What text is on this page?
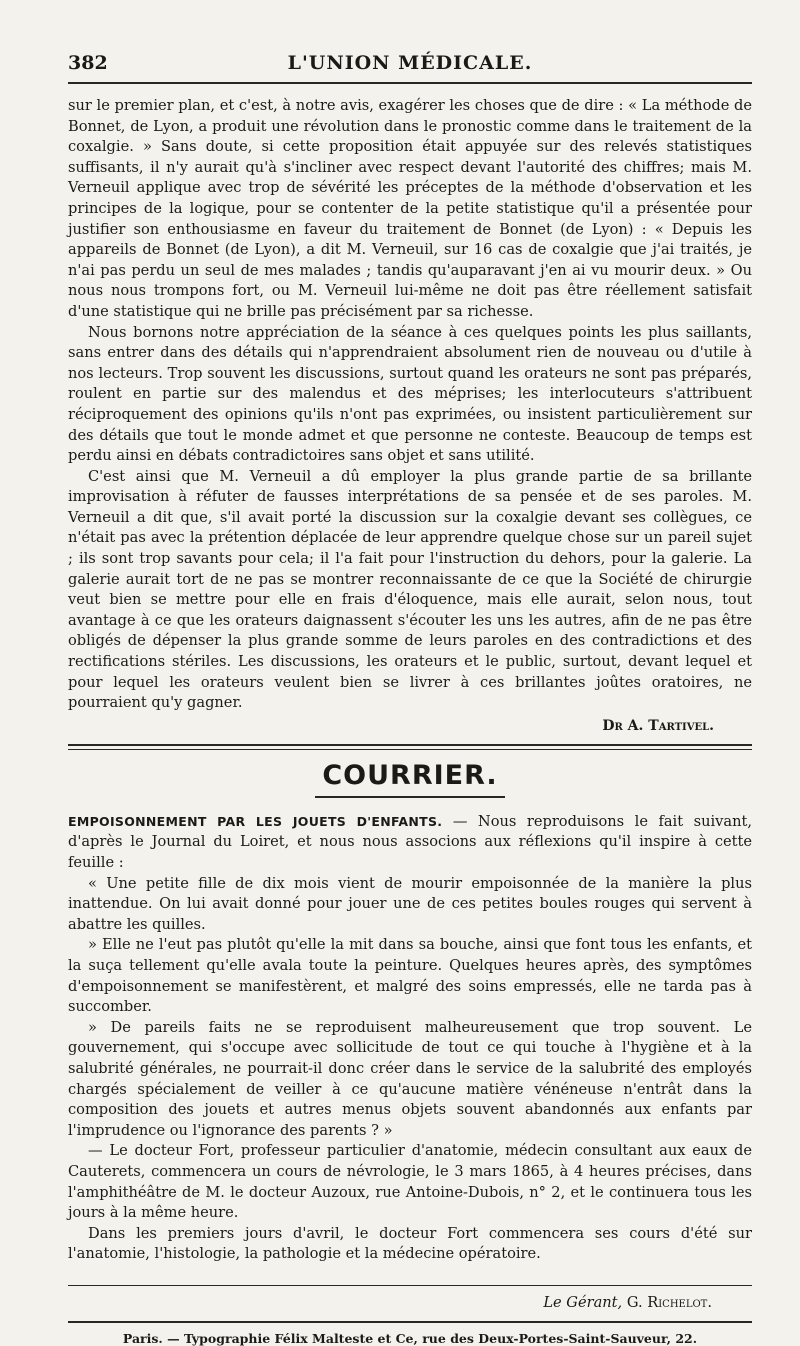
382	L'UNION MÉDICALE.

sur le premier plan, et c'est, à notre avis, exagérer les choses que de dire : « La méthode de Bonnet, de Lyon, a produit une révolution dans le pronostic comme dans le traitement de la coxalgie. » Sans doute, si cette proposition était appuyée sur des relevés statistiques suffisants, il n'y aurait qu'à s'incliner avec respect devant l'autorité des chiffres; mais M. Verneuil applique avec trop de sévérité les préceptes de la méthode d'observation et les principes de la logique, pour se contenter de la petite statistique qu'il a présentée pour justifier son enthousiasme en faveur du traitement de Bonnet (de Lyon) : « Depuis les appareils de Bonnet (de Lyon), a dit M. Verneuil, sur 16 cas de coxalgie que j'ai traités, je n'ai pas perdu un seul de mes malades ; tandis qu'auparavant j'en ai vu mourir deux. » Ou nous nous trompons fort, ou M. Verneuil lui-même ne doit pas être réellement satisfait d'une statistique qui ne brille pas précisément par sa richesse.

Nous bornons notre appréciation de la séance à ces quelques points les plus saillants, sans entrer dans des détails qui n'apprendraient absolument rien de nouveau ou d'utile à nos lecteurs. Trop souvent les discussions, surtout quand les orateurs ne sont pas préparés, roulent en partie sur des malendus et des méprises; les interlocuteurs s'attribuent réciproquement des opinions qu'ils n'ont pas exprimées, ou insistent particulièrement sur des détails que tout le monde admet et que personne ne conteste. Beaucoup de temps est perdu ainsi en débats contradictoires sans objet et sans utilité.

C'est ainsi que M. Verneuil a dû employer la plus grande partie de sa brillante improvisation à réfuter de fausses interprétations de sa pensée et de ses paroles. M. Verneuil a dit que, s'il avait porté la discussion sur la coxalgie devant ses collègues, ce n'était pas avec la prétention déplacée de leur apprendre quelque chose sur un pareil sujet ; ils sont trop savants pour cela; il l'a fait pour l'instruction du dehors, pour la galerie. La galerie aurait tort de ne pas se montrer reconnaissante de ce que la Société de chirurgie veut bien se mettre pour elle en frais d'éloquence, mais elle aurait, selon nous, tout avantage à ce que les orateurs daignassent s'écouter les uns les autres, afin de ne pas être obligés de dépenser la plus grande somme de leurs paroles en des contradictions et des rectifications stériles. Les discussions, les orateurs et le public, surtout, devant lequel et pour lequel les orateurs veulent bien se livrer à ces brillantes joûtes oratoires, ne pourraient qu'y gagner.

Dr A. Tartivel.
COURRIER.

EMPOISONNEMENT PAR LES JOUETS D'ENFANTS. — Nous reproduisons le fait suivant, d'après le Journal du Loiret, et nous nous associons aux réflexions qu'il inspire à cette feuille :

« Une petite fille de dix mois vient de mourir empoisonnée de la manière la plus inattendue. On lui avait donné pour jouer une de ces petites boules rouges qui servent à abattre les quilles.

» Elle ne l'eut pas plutôt qu'elle la mit dans sa bouche, ainsi que font tous les enfants, et la suça tellement qu'elle avala toute la peinture. Quelques heures après, des symptômes d'empoisonnement se manifestèrent, et malgré des soins empressés, elle ne tarda pas à succomber.

» De pareils faits ne se reproduisent malheureusement que trop souvent. Le gouvernement, qui s'occupe avec sollicitude de tout ce qui touche à l'hygiène et à la salubrité générales, ne pourrait-il donc créer dans le service de la salubrité des employés chargés spécialement de veiller à ce qu'aucune matière vénéneuse n'entrât dans la composition des jouets et autres menus objets souvent abandonnés aux enfants par l'imprudence ou l'ignorance des parents ? »

— Le docteur Fort, professeur particulier d'anatomie, médecin consultant aux eaux de Cauterets, commencera un cours de névrologie, le 3 mars 1865, à 4 heures précises, dans l'amphithéâtre de M. le docteur Auzoux, rue Antoine-Dubois, n° 2, et le continuera tous les jours à la même heure.

Dans les premiers jours d'avril, le docteur Fort commencera ses cours d'été sur l'anatomie, l'histologie, la pathologie et la médecine opératoire.

Le Gérant, G. Richelot.
Paris. — Typographie Félix Malteste et Ce, rue des Deux-Portes-Saint-Sauveur, 22.
